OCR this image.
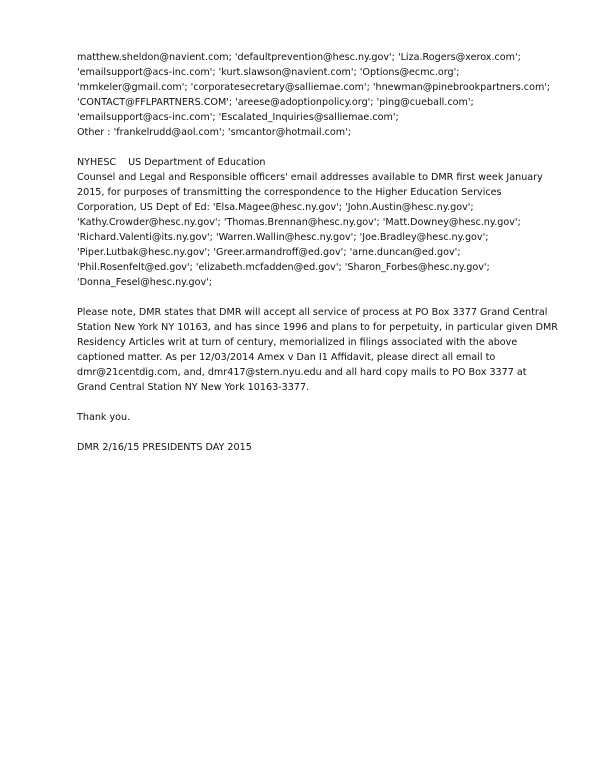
matthew.sheldon@navient.com; 'defaultprevention@hesc.ny.gov'; 'Liza.Rogers@xerox.com';
'emailsupport@acs-inc.com'; 'kurt.slawson@navient.com'; 'Options@ecmc.org';
'mmkeler@gmail.com'; 'corporatesecretary@salliemae.com'; 'hnewman@pinebrookpartners.com';
'CONTACT@FFLPARTNERS.COM'; 'areese@adoptionpolicy.org'; 'ping@cueball.com';
'emailsupport@acs-inc.com'; 'Escalated_Inquiries@salliemae.com';
Other : 'frankelrudd@aol.com'; 'smcantor@hotmail.com';
NYHESC US Department of Education
Counsel and Legal and Responsible officers' email addresses available to DMR first week January
2015, for purposes of transmitting the correspondence to the Higher Education Services
Corporation, US Dept of Ed: 'Elsa.Magee@hesc.ny.gov'; 'John.Austin@hesc.ny.gov';
'Kathy.Crowder@hesc.ny.gov'; 'Thomas.Brennan@hesc.ny.gov'; 'Matt.Downey@hesc.ny.gov';
'Richard.Valenti@its.ny.gov'; 'Warren.Wallin@hesc.ny.gov'; 'Joe.Bradley@hesc.ny.gov';
'Piper.Lutbak@hesc.ny.gov'; 'Greer.armandroff@ed.gov'; 'arne.duncan@ed.gov';
'Phil.Rosenfelt@ed.gov'; 'elizabeth.mcfadden@ed.gov'; 'Sharon_Forbes@hesc.ny.gov';
'Donna_Fesel@hesc.ny.gov';
Please note, DMR states that DMR will accept all service of process at PO Box 3377 Grand Central
Station New York NY 10163, and has since 1996 and plans to for perpetuity, in particular given DMR
Residency Articles writ at turn of century, memorialized in filings associated with the above
captioned matter. As per 12/03/2014 Amex v Dan I1 Affidavit, please direct all email to
dmr@21centdig.com, and, dmr417@stern.nyu.edu and all hard copy mails to PO Box 3377 at
Grand Central Station NY New York 10163-3377.
Thank you.
DMR 2/16/15 PRESIDENTS DAY 2015
